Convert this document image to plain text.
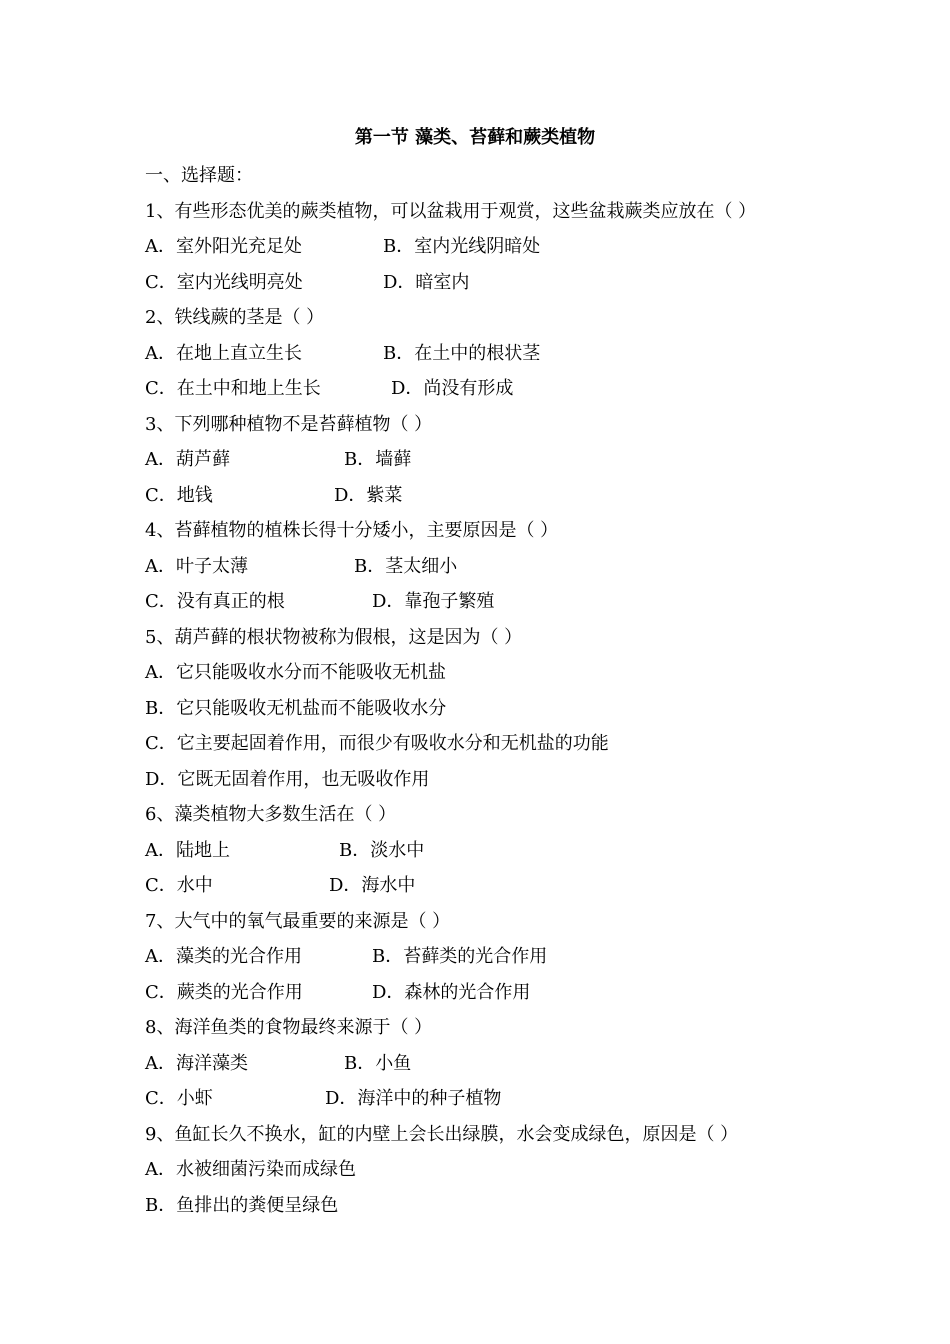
第一节 藻类、苔藓和蕨类植物
一、选择题：
1、有些形态优美的蕨类植物，可以盆栽用于观赏，这些盆栽蕨类应放在（ ）
A．室外阳光充足处	B．室内光线阴暗处
C．室内光线明亮处	D．暗室内
2、铁线蕨的茎是（ ）
A．在地上直立生长	B．在土中的根状茎
C．在土中和地上生长	D．尚没有形成
3、下列哪种植物不是苔藓植物（ ）
A．葫芦藓	B．墙藓
C．地钱	D．紫菜
4、苔藓植物的植株长得十分矮小，主要原因是（ ）
A．叶子太薄	B．茎太细小
C．没有真正的根	D．靠孢子繁殖
5、葫芦藓的根状物被称为假根，这是因为（ ）
A．它只能吸收水分而不能吸收无机盐
B．它只能吸收无机盐而不能吸收水分
C．它主要起固着作用，而很少有吸收水分和无机盐的功能
D．它既无固着作用，也无吸收作用
6、藻类植物大多数生活在（ ）
A．陆地上	B．淡水中
C．水中	D．海水中
7、大气中的氧气最重要的来源是（ ）
A．藻类的光合作用	B．苔藓类的光合作用
C．蕨类的光合作用	D．森林的光合作用
8、海洋鱼类的食物最终来源于（ ）
A．海洋藻类	B．小鱼
C．小虾	D．海洋中的种子植物
9、鱼缸长久不换水，缸的内壁上会长出绿膜，水会变成绿色，原因是（ ）
A．水被细菌污染而成绿色
B．鱼排出的粪便呈绿色
